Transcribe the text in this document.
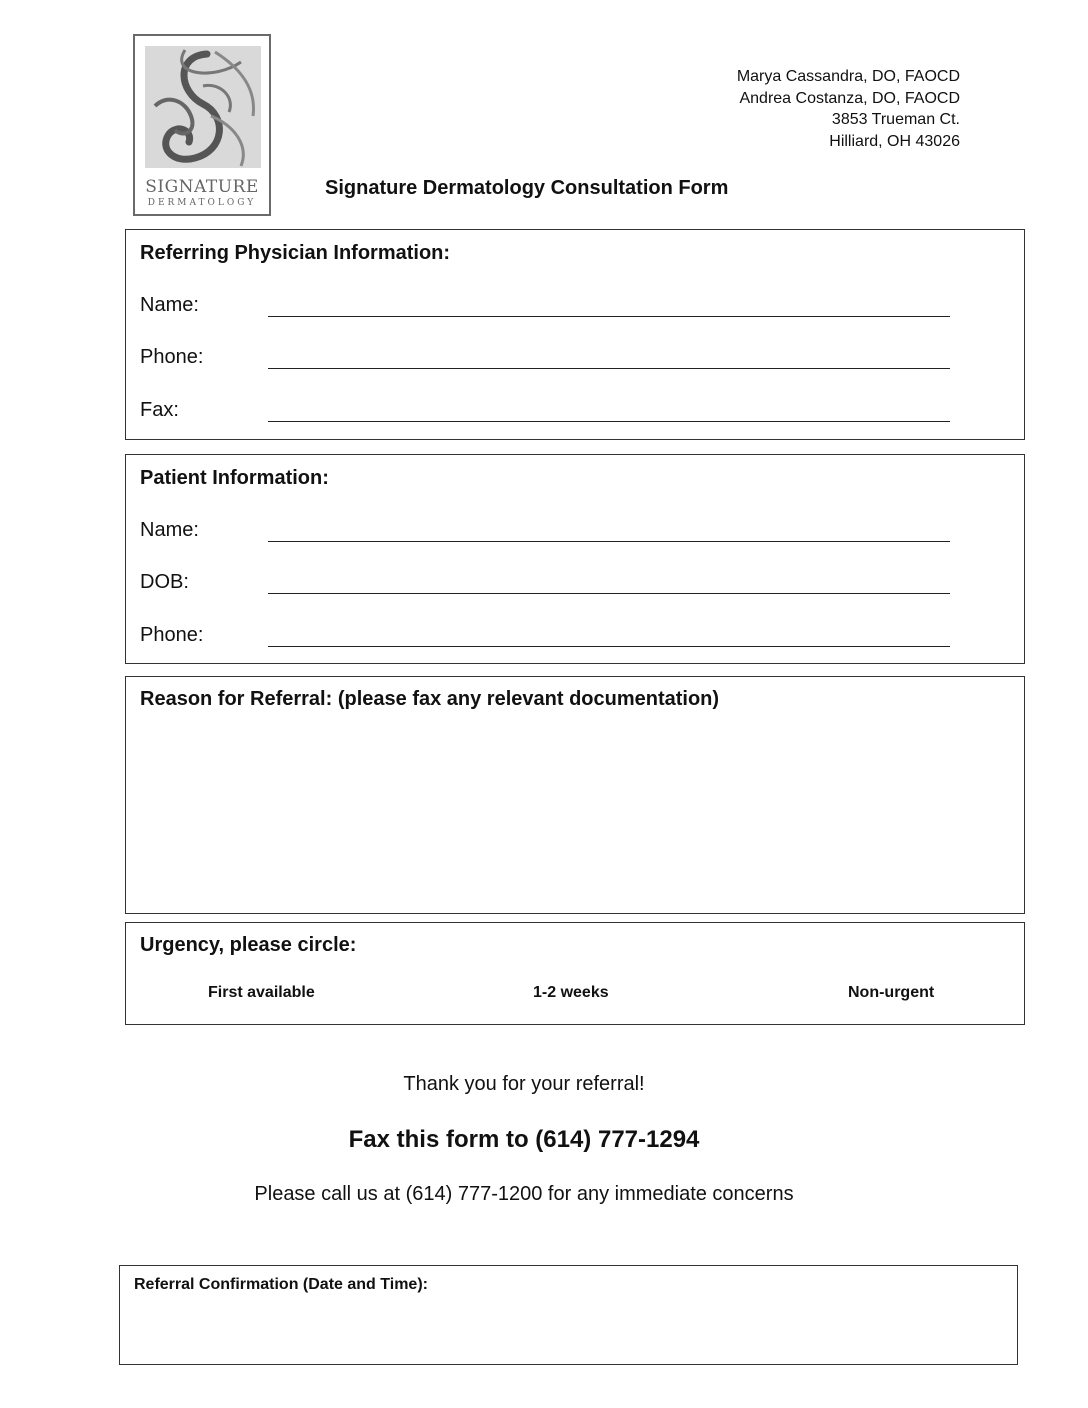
SIGNATURE
DERMATOLOGY
Marya Cassandra, DO, FAOCD
Andrea Costanza, DO, FAOCD
3853 Trueman Ct.
Hilliard, OH 43026
Signature Dermatology Consultation Form
Referring Physician Information:
Name:
Phone:
Fax:
Patient Information:
Name:
DOB:
Phone:
Reason for Referral: (please fax any relevant documentation)
Urgency, please circle:
First available	1-2 weeks	Non-urgent
Thank you for your referral!
Fax this form to (614) 777-1294
Please call us at (614) 777-1200 for any immediate concerns
Referral Confirmation (Date and Time):
